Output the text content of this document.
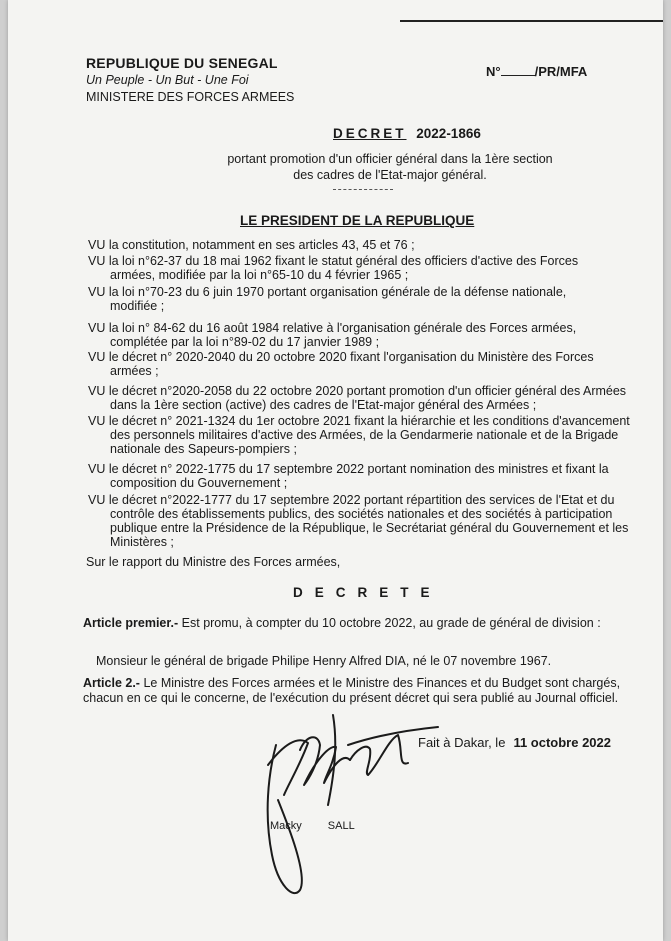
REPUBLIQUE DU SENEGAL
Un Peuple - Un But - Une Foi
MINISTERE DES FORCES ARMEES
N°	/PR/MFA
DECRET 2022-1866
portant promotion d'un officier général dans la 1ère section
des cadres de l'Etat-major général.
LE PRESIDENT DE LA REPUBLIQUE
VU la constitution, notamment en ses articles 43, 45 et 76 ;
VU la loi n°62-37 du 18 mai 1962 fixant le statut général des officiers d'active des Forces
armées, modifiée par la loi n°65-10 du 4 février 1965 ;
VU la loi n°70-23 du 6 juin 1970 portant organisation générale de la défense nationale,
modifiée ;
VU la loi n° 84-62 du 16 août 1984 relative à l'organisation générale des Forces armées,
complétée par la loi n°89-02 du 17 janvier 1989 ;
VU le décret n° 2020-2040 du 20 octobre 2020 fixant l'organisation du Ministère des Forces
armées ;
VU le décret n°2020-2058 du 22 octobre 2020 portant promotion d'un officier général des Armées
dans la 1ère section (active) des cadres de l'Etat-major général des Armées ;
VU le décret n° 2021-1324 du 1er octobre 2021 fixant la hiérarchie et les conditions d'avancement
des personnels militaires d'active des Armées, de la Gendarmerie nationale et de la Brigade
nationale des Sapeurs-pompiers ;
VU le décret n° 2022-1775 du 17 septembre 2022 portant nomination des ministres et fixant la
composition du Gouvernement ;
VU le décret n°2022-1777 du 17 septembre 2022 portant répartition des services de l'Etat et du
contrôle des établissements publics, des sociétés nationales et des sociétés à participation
publique entre la Présidence de la République, le Secrétariat général du Gouvernement et les
Ministères ;
Sur le rapport du Ministre des Forces armées,
DECRETE
Article premier.- Est promu, à compter du 10 octobre 2022, au grade de général de division :
Monsieur le général de brigade Philipe Henry Alfred DIA, né le 07 novembre 1967.
Article 2.- Le Ministre des Forces armées et le Ministre des Finances et du Budget sont chargés,
chacun en ce qui le concerne, de l'exécution du présent décret qui sera publié au Journal officiel.
Fait à Dakar, le 11 octobre 2022
Macky SALL
